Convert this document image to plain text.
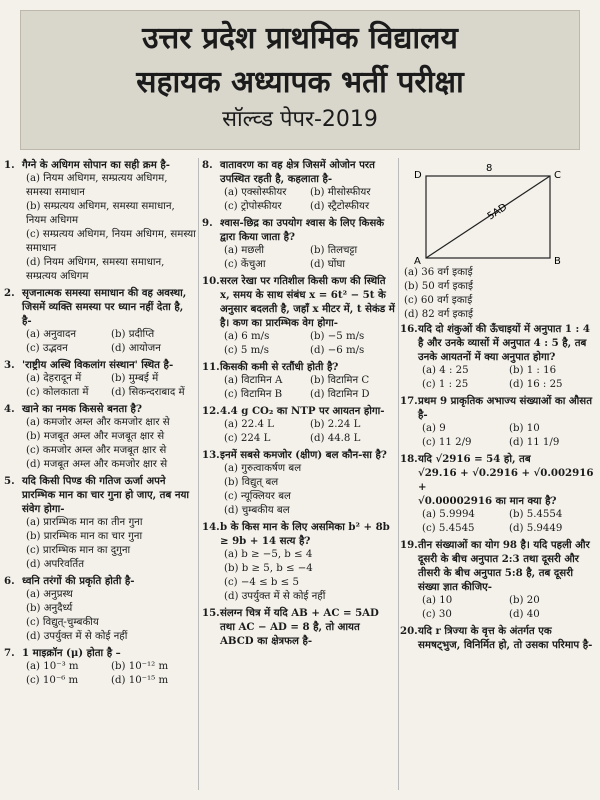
उत्तर प्रदेश प्राथमिक विद्यालय
सहायक अध्यापक भर्ती परीक्षा
सॉल्व्ड पेपर-2019
1. गैग्ने के अधिगम सोपान का सही क्रम है-
(a) नियम अधिगम, सम्प्रत्यय अधिगम, समस्या समाधान
(b) सम्प्रत्यय अधिगम, समस्या समाधान, नियम अधिगम
(c) सम्प्रत्यय अधिगम, नियम अधिगम, समस्या समाधान
(d) नियम अधिगम, समस्या समाधान, सम्प्रत्यय अधिगम
2. सृजनात्मक समस्या समाधान की वह अवस्था, जिसमें व्यक्ति समस्या पर ध्यान नहीं देता है, है-
(a) अनुवादन	(b) प्रदीप्ति
(c) उद्भवन	(d) आयोजन
3. 'राष्ट्रीय अस्थि विकलांग संस्थान' स्थित है-
(a) देहरादून में	(b) मुम्बई में
(c) कोलकाता में	(d) सिकन्दराबाद में
4. खाने का नमक किससे बनता है?
(a) कमजोर अम्ल और कमजोर क्षार से
(b) मजबूत अम्ल और मजबूत क्षार से
(c) कमजोर अम्ल और मजबूत क्षार से
(d) मजबूत अम्ल और कमजोर क्षार से
5. यदि किसी पिण्ड की गतिज ऊर्जा अपने प्रारम्भिक मान का चार गुना हो जाए, तब नया संवेग होगा-
(a) प्रारम्भिक मान का तीन गुना
(b) प्रारम्भिक मान का चार गुना
(c) प्रारम्भिक मान का दुगुना
(d) अपरिवर्तित
6. ध्वनि तरंगों की प्रकृति होती है-
(a) अनुप्रस्थ
(b) अनुदैर्ध्य
(c) विद्युत्-चुम्बकीय
(d) उपर्युक्त में से कोई नहीं
7. 1 माइक्रॉन (μ) होता है –
(a) 10⁻³ m	(b) 10⁻¹² m
(c) 10⁻⁶ m	(d) 10⁻¹⁵ m
8. वातावरण का वह क्षेत्र जिसमें ओजोन परत उपस्थित रहती है, कहलाता है-
(a) एक्सोस्फीयर	(b) मीसोस्फीयर
(c) ट्रोपोस्फीयर	(d) स्ट्रैटोस्फीयर
9. श्वास-छिद्र का उपयोग श्वास के लिए किसके द्वारा किया जाता है?
(a) मछली	(b) तिलचट्टा
(c) केंचुआ	(d) घोंघा
10. सरल रेखा पर गतिशील किसी कण की स्थिति x, समय के साथ संबंध x = 6t² − 5t के अनुसार बदलती है, जहाँ x मीटर में, t सेकंड में है। कण का प्रारम्भिक वेग होगा-
(a) 6 m/s	(b) −5 m/s
(c) 5 m/s	(d) −6 m/s
11. किसकी कमी से रतौंधी होती है?
(a) विटामिन A	(b) विटामिन C
(c) विटामिन B	(d) विटामिन D
12. 4.4 g CO₂ का NTP पर आयतन होगा-
(a) 22.4 L	(b) 2.24 L
(c) 224 L	(d) 44.8 L
13. इनमें सबसे कमजोर (क्षीण) बल कौन-सा है?
(a) गुरुत्वाकर्षण बल
(b) विद्युत् बल
(c) न्यूक्लियर बल
(d) चुम्बकीय बल
14. b के किस मान के लिए असमिका b² + 8b ≥ 9b + 14 सत्य है?
(a) b ≥ −5, b ≤ 4
(b) b ≥ 5, b ≤ −4
(c) −4 ≤ b ≤ 5
(d) उपर्युक्त में से कोई नहीं
15. संलग्न चित्र में यदि AB + AC = 5AD तथा AC − AD = 8 है, तो आयत ABCD का क्षेत्रफल है-
8
5AD
D	C
A	B
(a) 36 वर्ग इकाई
(b) 50 वर्ग इकाई
(c) 60 वर्ग इकाई
(d) 82 वर्ग इकाई
16. यदि दो शंकुओं की ऊँचाइयों में अनुपात 1 : 4 है और उनके व्यासों में अनुपात 4 : 5 है, तब उनके आयतनों में क्या अनुपात होगा?
(a) 4 : 25	(b) 1 : 16
(c) 1 : 25	(d) 16 : 25
17. प्रथम 9 प्राकृतिक अभाज्य संख्याओं का औसत है-
(a) 9	(b) 10
(c) 11 2/9	(d) 11 1/9
18. यदि √2916 = 54 हो, तब
√29.16 + √0.2916 + √0.002916 +
√0.00002916 का मान क्या है?
(a) 5.9994	(b) 5.4554
(c) 5.4545	(d) 5.9449
19. तीन संख्याओं का योग 98 है। यदि पहली और दूसरी के बीच अनुपात 2:3 तथा दूसरी और तीसरी के बीच अनुपात 5:8 है, तब दूसरी संख्या ज्ञात कीजिए-
(a) 10	(b) 20
(c) 30	(d) 40
20. यदि r त्रिज्या के वृत्त के अंतर्गत एक समषट्भुज, विनिर्मित हो, तो उसका परिमाप है-
